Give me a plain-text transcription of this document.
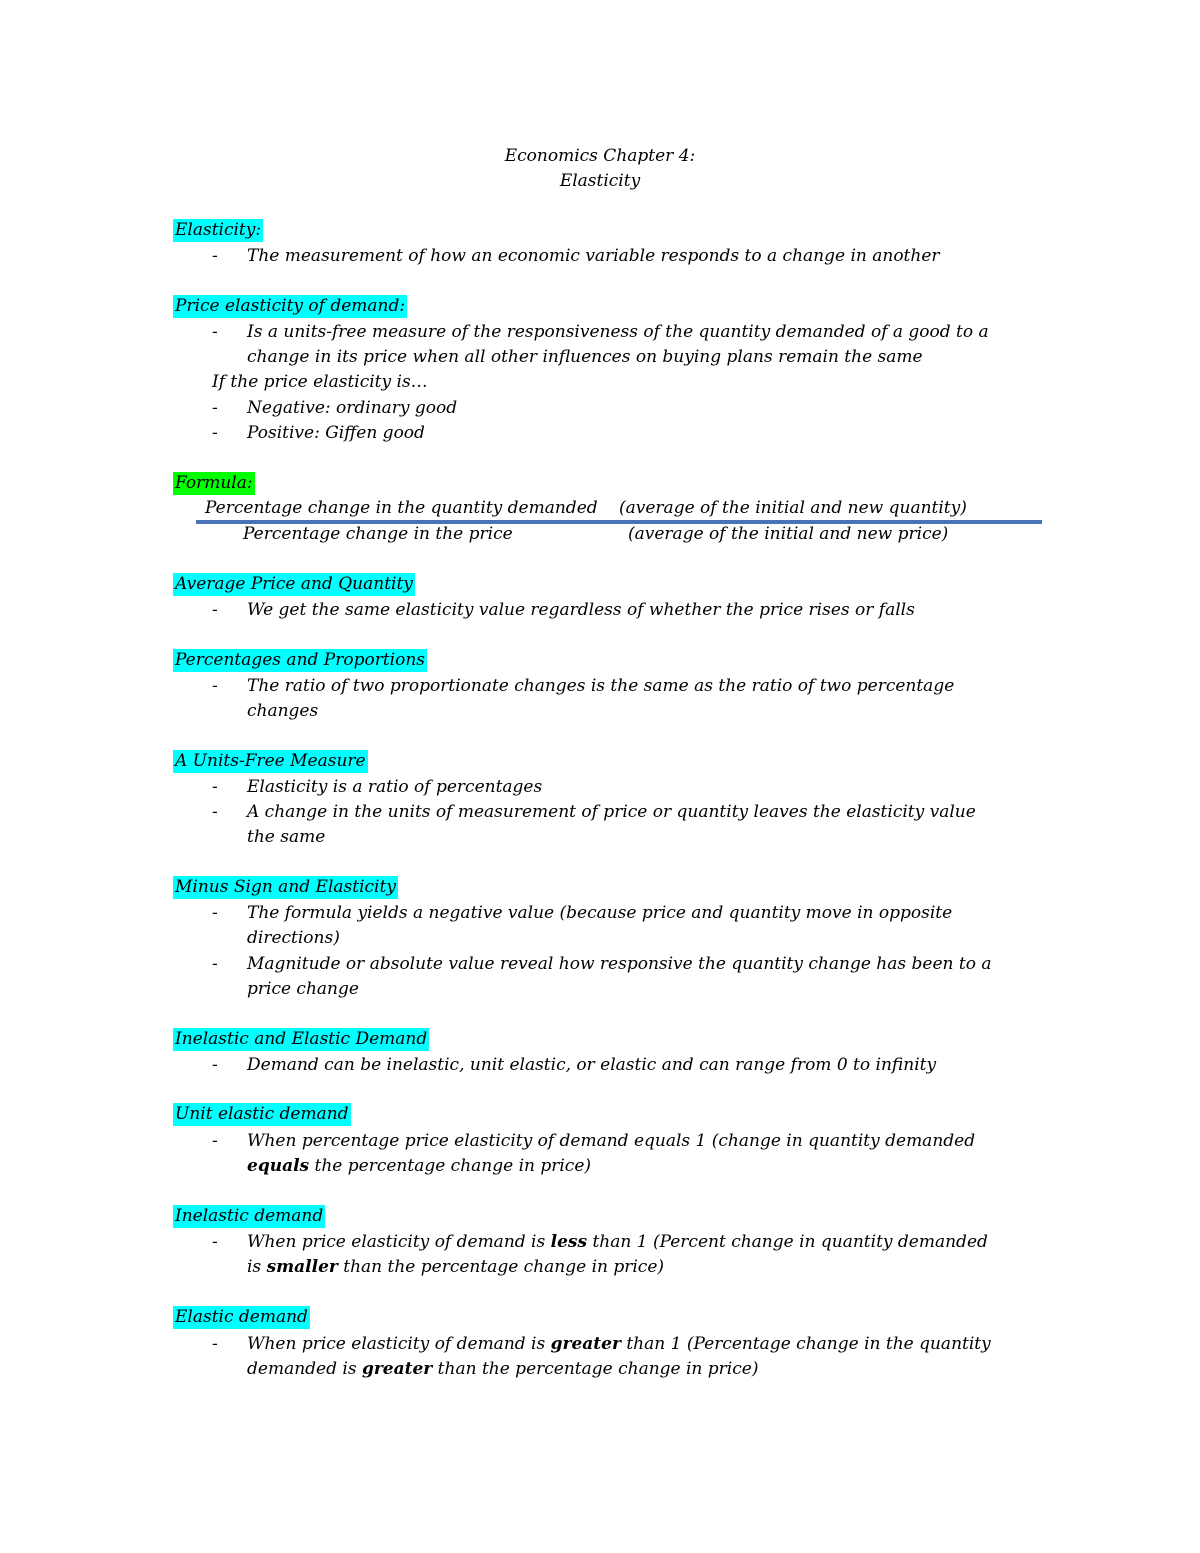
Economics Chapter 4:
Elasticity
Elasticity:
- The measurement of how an economic variable responds to a change in another
Price elasticity of demand:
- Is a units-free measure of the responsiveness of the quantity demanded of a good to a
change in its price when all other influences on buying plans remain the same
If the price elasticity is…
- Negative: ordinary good
- Positive: Giffen good
Formula:
Percentage change in the quantity demanded (average of the initial and new quantity)
Percentage change in the price	(average of the initial and new price)
Average Price and Quantity
- We get the same elasticity value regardless of whether the price rises or falls
Percentages and Proportions
- The ratio of two proportionate changes is the same as the ratio of two percentage
changes
A Units-Free Measure
- Elasticity is a ratio of percentages
- A change in the units of measurement of price or quantity leaves the elasticity value
the same
Minus Sign and Elasticity
- The formula yields a negative value (because price and quantity move in opposite
directions)
- Magnitude or absolute value reveal how responsive the quantity change has been to a
price change
Inelastic and Elastic Demand
- Demand can be inelastic, unit elastic, or elastic and can range from 0 to infinity
Unit elastic demand
- When percentage price elasticity of demand equals 1 (change in quantity demanded
equals the percentage change in price)
Inelastic demand
- When price elasticity of demand is less than 1 (Percent change in quantity demanded
is smaller than the percentage change in price)
Elastic demand
- When price elasticity of demand is greater than 1 (Percentage change in the quantity
demanded is greater than the percentage change in price)
